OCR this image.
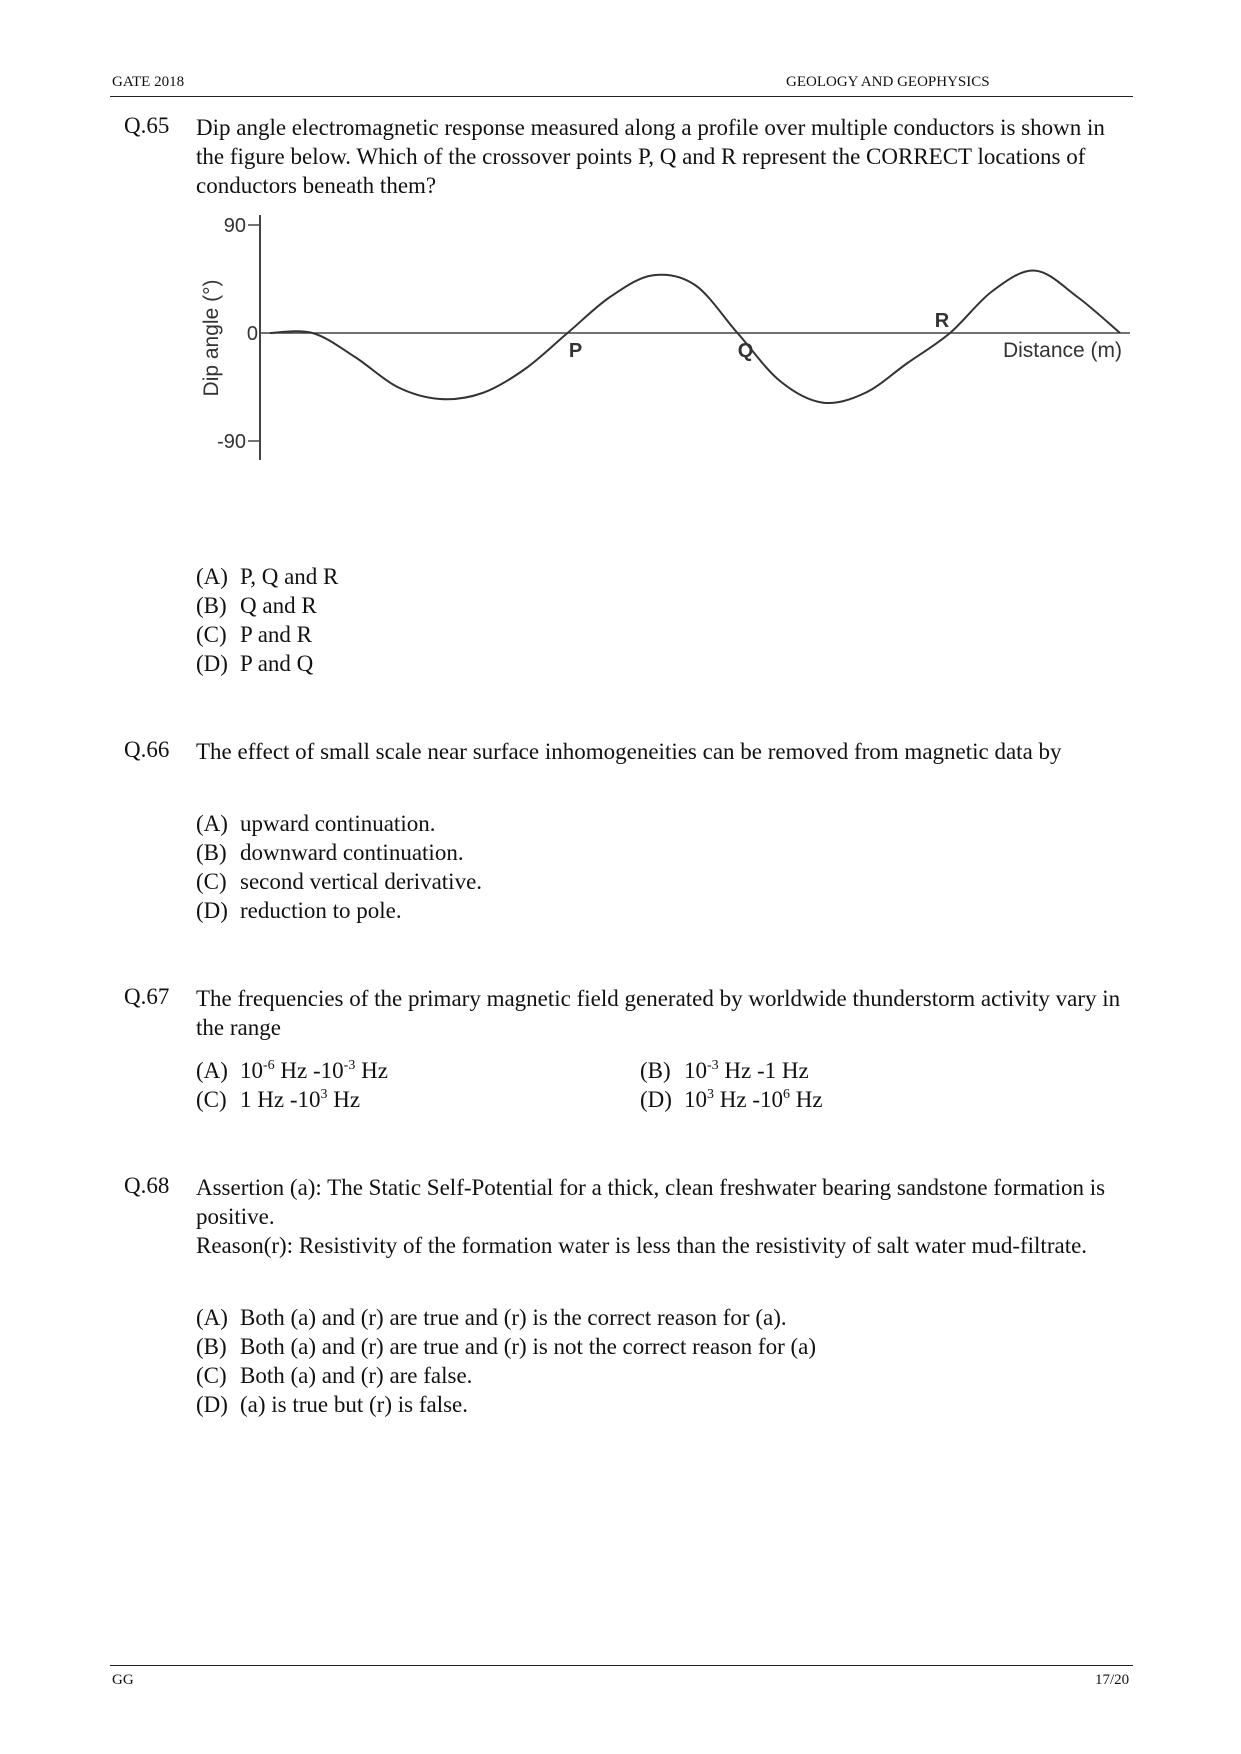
GATE 2018	GEOLOGY AND GEOPHYSICS
Q.65 Dip angle electromagnetic response measured along a profile over multiple conductors is shown in the figure below. Which of the crossover points P, Q and R represent the CORRECT locations of conductors beneath them?
90
0
-90
Dip angle (°)	Distance (m)
P	Q
R
(A) P, Q and R
(B) Q and R
(C) P and R
(D) P and Q
Q.66 The effect of small scale near surface inhomogeneities can be removed from magnetic data by
(A) upward continuation.
(B) downward continuation.
(C) second vertical derivative.
(D) reduction to pole.
Q.67 The frequencies of the primary magnetic field generated by worldwide thunderstorm activity vary in the range
(A) $10^{-6}$ Hz $-10^{-3}$ Hz	(B) $10^{-3}$ Hz -1 Hz
(C) 1 Hz $-10^3$ Hz	(D) $10^3$ Hz $-10^6$ Hz
Q.68 Assertion (a): The Static Self-Potential for a thick, clean freshwater bearing sandstone formation is positive.
Reason(r): Resistivity of the formation water is less than the resistivity of salt water mud-filtrate.
(A) Both (a) and (r) are true and (r) is the correct reason for (a).
(B) Both (a) and (r) are true and (r) is not the correct reason for (a)
(C) Both (a) and (r) are false.
(D) (a) is true but (r) is false.
GG	17/20
